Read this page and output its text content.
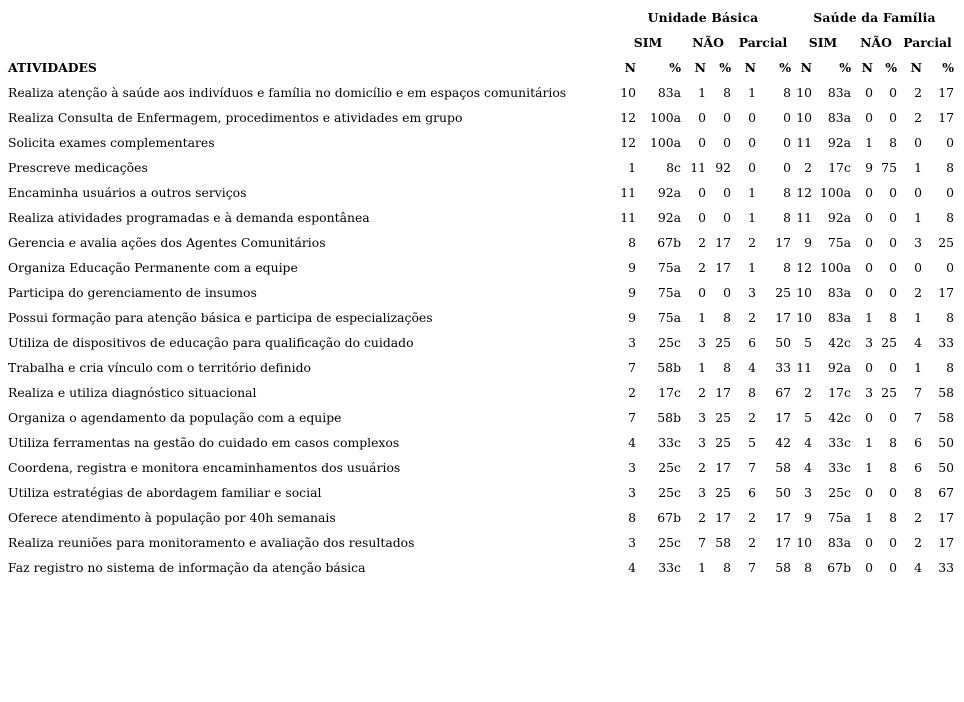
	Unidade Básica						Saúde da Família					
	SIM		NÃO		Parcial		SIM		NÃO		Parcial	
ATIVIDADES	N	%	N	%	N	%	N	%	N	%	N	%
Realiza atenção à saúde aos indivíduos e família no domicílio e em espaços comunitários	10	83a	1	8	1	8	10	83a	0	0	2	17
Realiza Consulta de Enfermagem, procedimentos e atividades em grupo	12	100a	0	0	0	0	10	83a	0	0	2	17
Solicita exames complementares	12	100a	0	0	0	0	11	92a	1	8	0	0
Prescreve medicações	1	8c	11	92	0	0	2	17c	9	75	1	8
Encaminha usuários a outros serviços	11	92a	0	0	1	8	12	100a	0	0	0	0
Realiza atividades programadas e à demanda espontânea	11	92a	0	0	1	8	11	92a	0	0	1	8
Gerencia e avalia ações dos Agentes Comunitários	8	67b	2	17	2	17	9	75a	0	0	3	25
Organiza Educação Permanente com a equipe	9	75a	2	17	1	8	12	100a	0	0	0	0
Participa do gerenciamento de insumos	9	75a	0	0	3	25	10	83a	0	0	2	17
Possui formação para atenção básica e participa de especializações	9	75a	1	8	2	17	10	83a	1	8	1	8
Utiliza de dispositivos de educação para qualificação do cuidado	3	25c	3	25	6	50	5	42c	3	25	4	33
Trabalha e cria vínculo com o território definido	7	58b	1	8	4	33	11	92a	0	0	1	8
Realiza e utiliza diagnóstico situacional	2	17c	2	17	8	67	2	17c	3	25	7	58
Organiza o agendamento da população com a equipe	7	58b	3	25	2	17	5	42c	0	0	7	58
Utiliza ferramentas na gestão do cuidado em casos complexos	4	33c	3	25	5	42	4	33c	1	8	6	50
Coordena, registra e monitora encaminhamentos dos usuários	3	25c	2	17	7	58	4	33c	1	8	6	50
Utiliza estratégias de abordagem familiar e social	3	25c	3	25	6	50	3	25c	0	0	8	67
Oferece atendimento à população por 40h semanais	8	67b	2	17	2	17	9	75a	1	8	2	17
Realiza reuniões para monitoramento e avaliação dos resultados	3	25c	7	58	2	17	10	83a	0	0	2	17
Faz registro no sistema de informação da atenção básica	4	33c	1	8	7	58	8	67b	0	0	4	33
